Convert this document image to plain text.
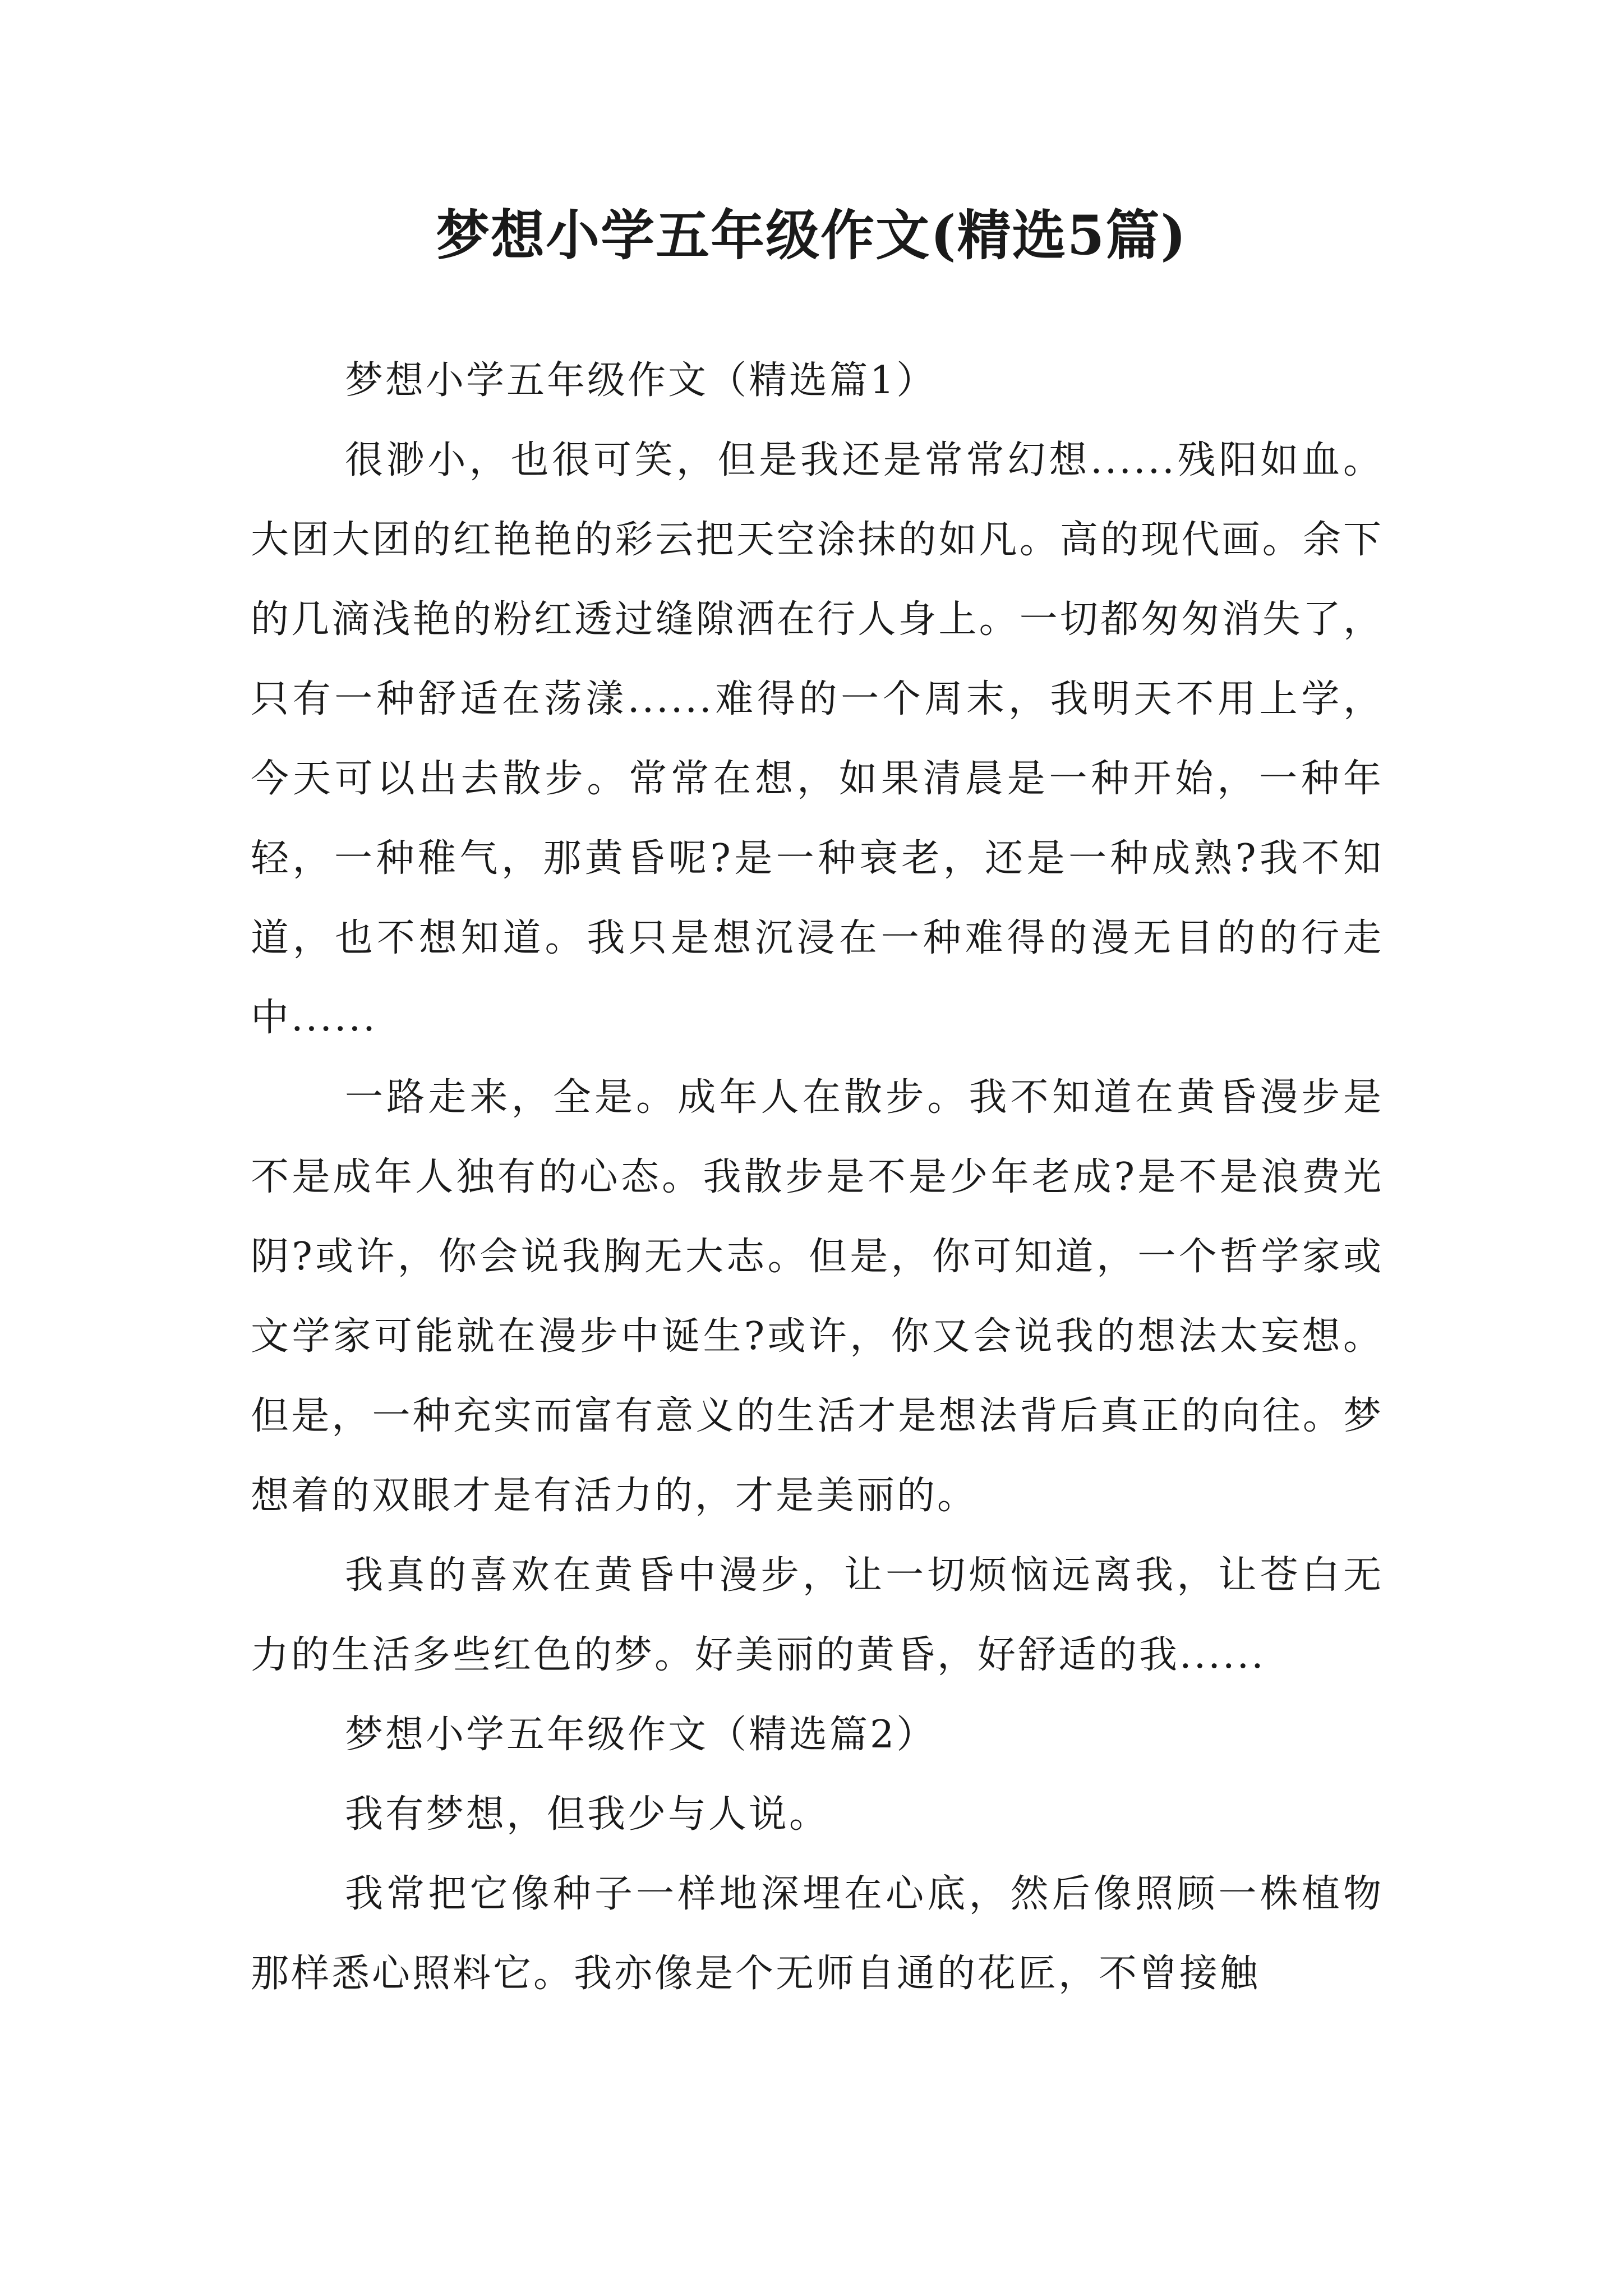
梦想小学五年级作文(精选5篇)

梦想小学五年级作文（精选篇1）

很渺小，也很可笑，但是我还是常常幻想......残阳如血。大团大团的红艳艳的彩云把天空涂抹的如凡。高的现代画。余下的几滴浅艳的粉红透过缝隙洒在行人身上。一切都匆匆消失了，只有一种舒适在荡漾......难得的一个周末，我明天不用上学，今天可以出去散步。常常在想，如果清晨是一种开始，一种年轻，一种稚气，那黄昏呢?是一种衰老，还是一种成熟?我不知道，也不想知道。我只是想沉浸在一种难得的漫无目的的行走中......

一路走来，全是。成年人在散步。我不知道在黄昏漫步是不是成年人独有的心态。我散步是不是少年老成?是不是浪费光阴?或许，你会说我胸无大志。但是，你可知道，一个哲学家或文学家可能就在漫步中诞生?或许，你又会说我的想法太妄想。但是，一种充实而富有意义的生活才是想法背后真正的向往。梦想着的双眼才是有活力的，才是美丽的。

我真的喜欢在黄昏中漫步，让一切烦恼远离我，让苍白无力的生活多些红色的梦。好美丽的黄昏，好舒适的我......

梦想小学五年级作文（精选篇2）

我有梦想，但我少与人说。

我常把它像种子一样地深埋在心底，然后像照顾一株植物那样悉心照料它。我亦像是个无师自通的花匠，不曾接触
